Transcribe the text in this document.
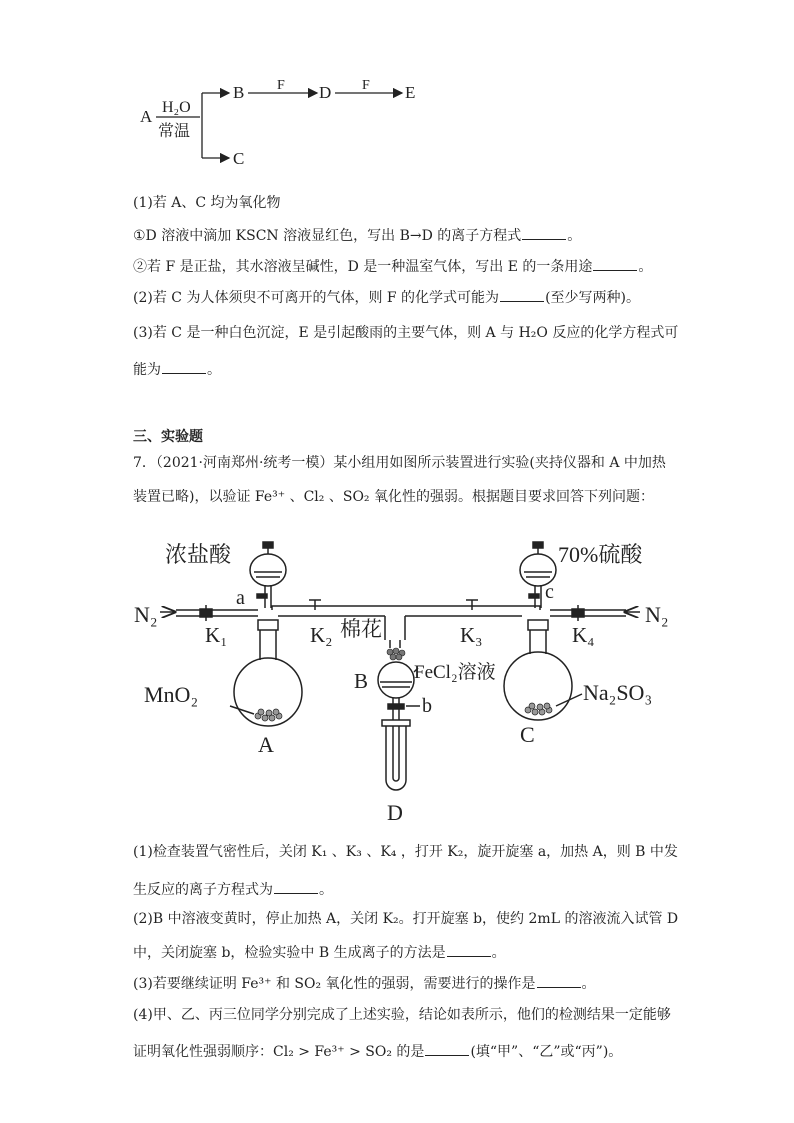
A H₂O
常温
B F D F E
C
(1)若 A、C 均为氧化物
①D 溶液中滴加 KSCN 溶液显红色，写出 B→D 的离子方程式	。
②若 F 是正盐，其水溶液呈碱性，D 是一种温室气体，写出 E 的一条用途	。
(2)若 C 为人体须臾不可离开的气体，则 F 的化学式可能为	(至少写两种)。
(3)若 C 是一种白色沉淀，E 是引起酸雨的主要气体，则 A 与 H₂O 反应的化学方程式可
能为	。
三、实验题
7．（2021·河南郑州·统考一模）某小组用如图所示装置进行实验(夹持仪器和 A 中加热
装置已略)，以验证 Fe³⁺ 、Cl₂ 、SO₂ 氧化性的强弱。根据题目要求回答下列问题：
浓盐酸	70%硫酸
a	c
N₂	N₂
K₁	K₂	K₃	K₄
棉花
FeCl₂溶液
B
b
MnO₂	Na₂SO₃
A	C
D
(1)检查装置气密性后，关闭 K₁ 、K₃ 、K₄ ，打开 K₂，旋开旋塞 a，加热 A，则 B 中发
生反应的离子方程式为	。
(2)B 中溶液变黄时，停止加热 A，关闭 K₂。打开旋塞 b，使约 2mL 的溶液流入试管 D
中，关闭旋塞 b，检验实验中 B 生成离子的方法是	。
(3)若要继续证明 Fe³⁺ 和 SO₂ 氧化性的强弱，需要进行的操作是	。
(4)甲、乙、丙三位同学分别完成了上述实验，结论如表所示，他们的检测结果一定能够
证明氧化性强弱顺序：Cl₂ > Fe³⁺ > SO₂ 的是	(填“甲”、“乙”或“丙”)。
